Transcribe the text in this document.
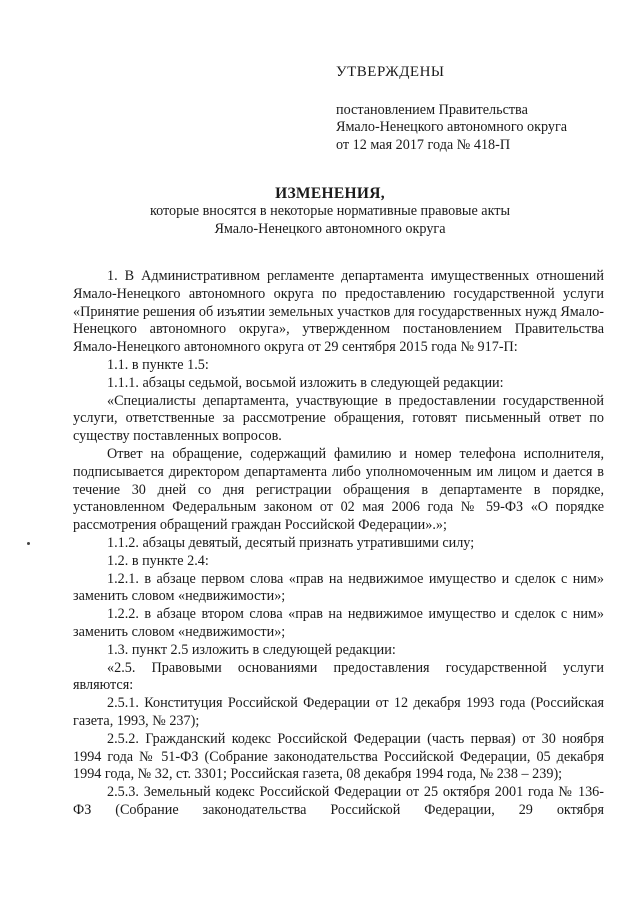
УТВЕРЖДЕНЫ
постановлением Правительства
Ямало-Ненецкого автономного округа
от 12 мая 2017 года № 418-П
ИЗМЕНЕНИЯ,
которые вносятся в некоторые нормативные правовые акты
Ямало-Ненецкого автономного округа
1. В Административном регламенте департамента имущественных отношений Ямало-Ненецкого автономного округа по предоставлению государственной услуги «Принятие решения об изъятии земельных участков для государственных нужд Ямало-Ненецкого автономного округа», утвержденном постановлением Правительства Ямало-Ненецкого автономного округа от 29 сентября 2015 года № 917-П:
1.1. в пункте 1.5:
1.1.1. абзацы седьмой, восьмой изложить в следующей редакции:
«Специалисты департамента, участвующие в предоставлении государственной услуги, ответственные за рассмотрение обращения, готовят письменный ответ по существу поставленных вопросов.
Ответ на обращение, содержащий фамилию и номер телефона исполнителя, подписывается директором департамента либо уполномоченным им лицом и дается в течение 30 дней со дня регистрации обращения в департаменте в порядке, установленном Федеральным законом от 02 мая 2006 года № 59-ФЗ «О порядке рассмотрения обращений граждан Российской Федерации».»;
1.1.2. абзацы девятый, десятый признать утратившими силу;
1.2. в пункте 2.4:
1.2.1. в абзаце первом слова «прав на недвижимое имущество и сделок с ним» заменить словом «недвижимости»;
1.2.2. в абзаце втором слова «прав на недвижимое имущество и сделок с ним» заменить словом «недвижимости»;
1.3. пункт 2.5 изложить в следующей редакции:
«2.5. Правовыми основаниями предоставления государственной услуги являются:
2.5.1. Конституция Российской Федерации от 12 декабря 1993 года (Российская газета, 1993, № 237);
2.5.2. Гражданский кодекс Российской Федерации (часть первая) от 30 ноября 1994 года № 51-ФЗ (Собрание законодательства Российской Федерации, 05 декабря 1994 года, № 32, ст. 3301; Российская газета, 08 декабря 1994 года, № 238 – 239);
2.5.3. Земельный кодекс Российской Федерации от 25 октября 2001 года № 136-ФЗ (Собрание законодательства Российской Федерации, 29 октября
